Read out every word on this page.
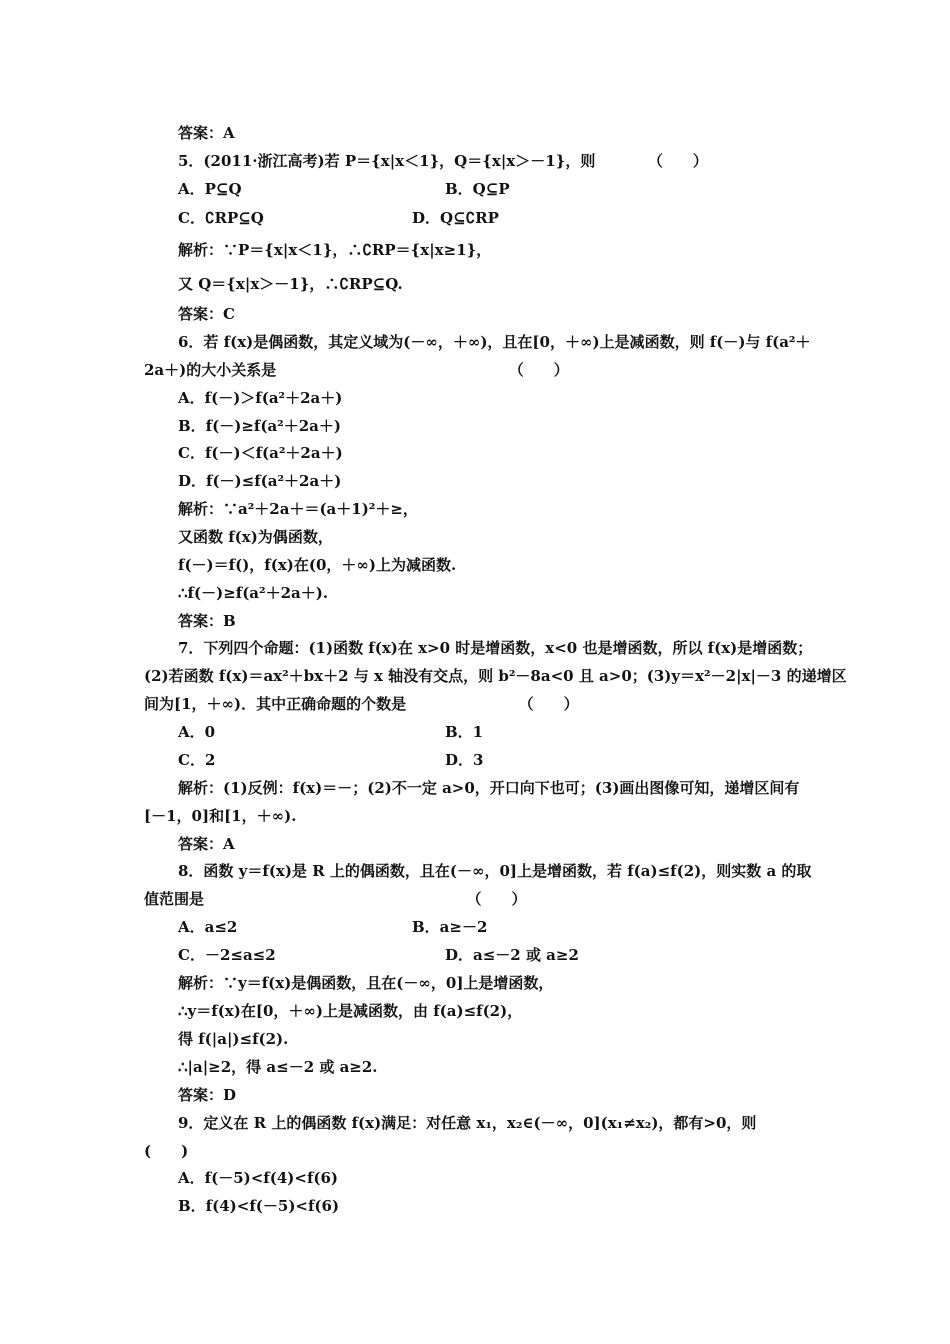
答案：A
5．(2011·浙江高考)若 P＝{x|x＜1}，Q＝{x|x＞－1}，则　　　　（　　）
A．P⊆Q	B．Q⊆P
C．∁RP⊆Q	D．Q⊆∁RP
解析：∵P＝{x|x＜1}，∴∁RP＝{x|x≥1}，
又 Q＝{x|x＞－1}，∴∁RP⊆Q.
答案：C
6．若 f(x)是偶函数，其定义域为(－∞，＋∞)，且在[0，＋∞)上是减函数，则 f(－)与 f(a²＋
2a＋)的大小关系是　　　　　　　　　　　　　　　　（　　）
A．f(－)＞f(a²＋2a＋)
B．f(－)≥f(a²＋2a＋)
C．f(－)＜f(a²＋2a＋)
D．f(－)≤f(a²＋2a＋)
解析：∵a²＋2a＋＝(a＋1)²＋≥，
又函数 f(x)为偶函数，
f(－)＝f()，f(x)在(0，＋∞)上为减函数.
∴f(－)≥f(a²＋2a＋).
答案：B
7．下列四个命题：(1)函数 f(x)在 x>0 时是增函数，x<0 也是增函数，所以 f(x)是增函数；
(2)若函数 f(x)＝ax²＋bx＋2 与 x 轴没有交点，则 b²－8a<0 且 a>0；(3)y＝x²－2|x|－3 的递增区
间为[1，＋∞)．其中正确命题的个数是　　　　　　　　（　　）
A．0	B．1
C．2	D．3
解析：(1)反例：f(x)＝－；(2)不一定 a>0，开口向下也可；(3)画出图像可知，递增区间有
[－1，0]和[1，＋∞).
答案：A
8．函数 y＝f(x)是 R 上的偶函数，且在(－∞，0]上是增函数，若 f(a)≤f(2)，则实数 a 的取
值范围是　　　　　　　　　　　　　　　　　　（　　）
A．a≤2	B．a≥－2
C．－2≤a≤2	D．a≤－2 或 a≥2
解析：∵y＝f(x)是偶函数，且在(－∞，0]上是增函数，
∴y＝f(x)在[0，＋∞)上是减函数，由 f(a)≤f(2)，
得 f(|a|)≤f(2).
∴|a|≥2，得 a≤－2 或 a≥2.
答案：D
9．定义在 R 上的偶函数 f(x)满足：对任意 x₁，x₂∈(－∞，0](x₁≠x₂)，都有>0，则
(　　)
A．f(－5)<f(4)<f(6)
B．f(4)<f(－5)<f(6)
